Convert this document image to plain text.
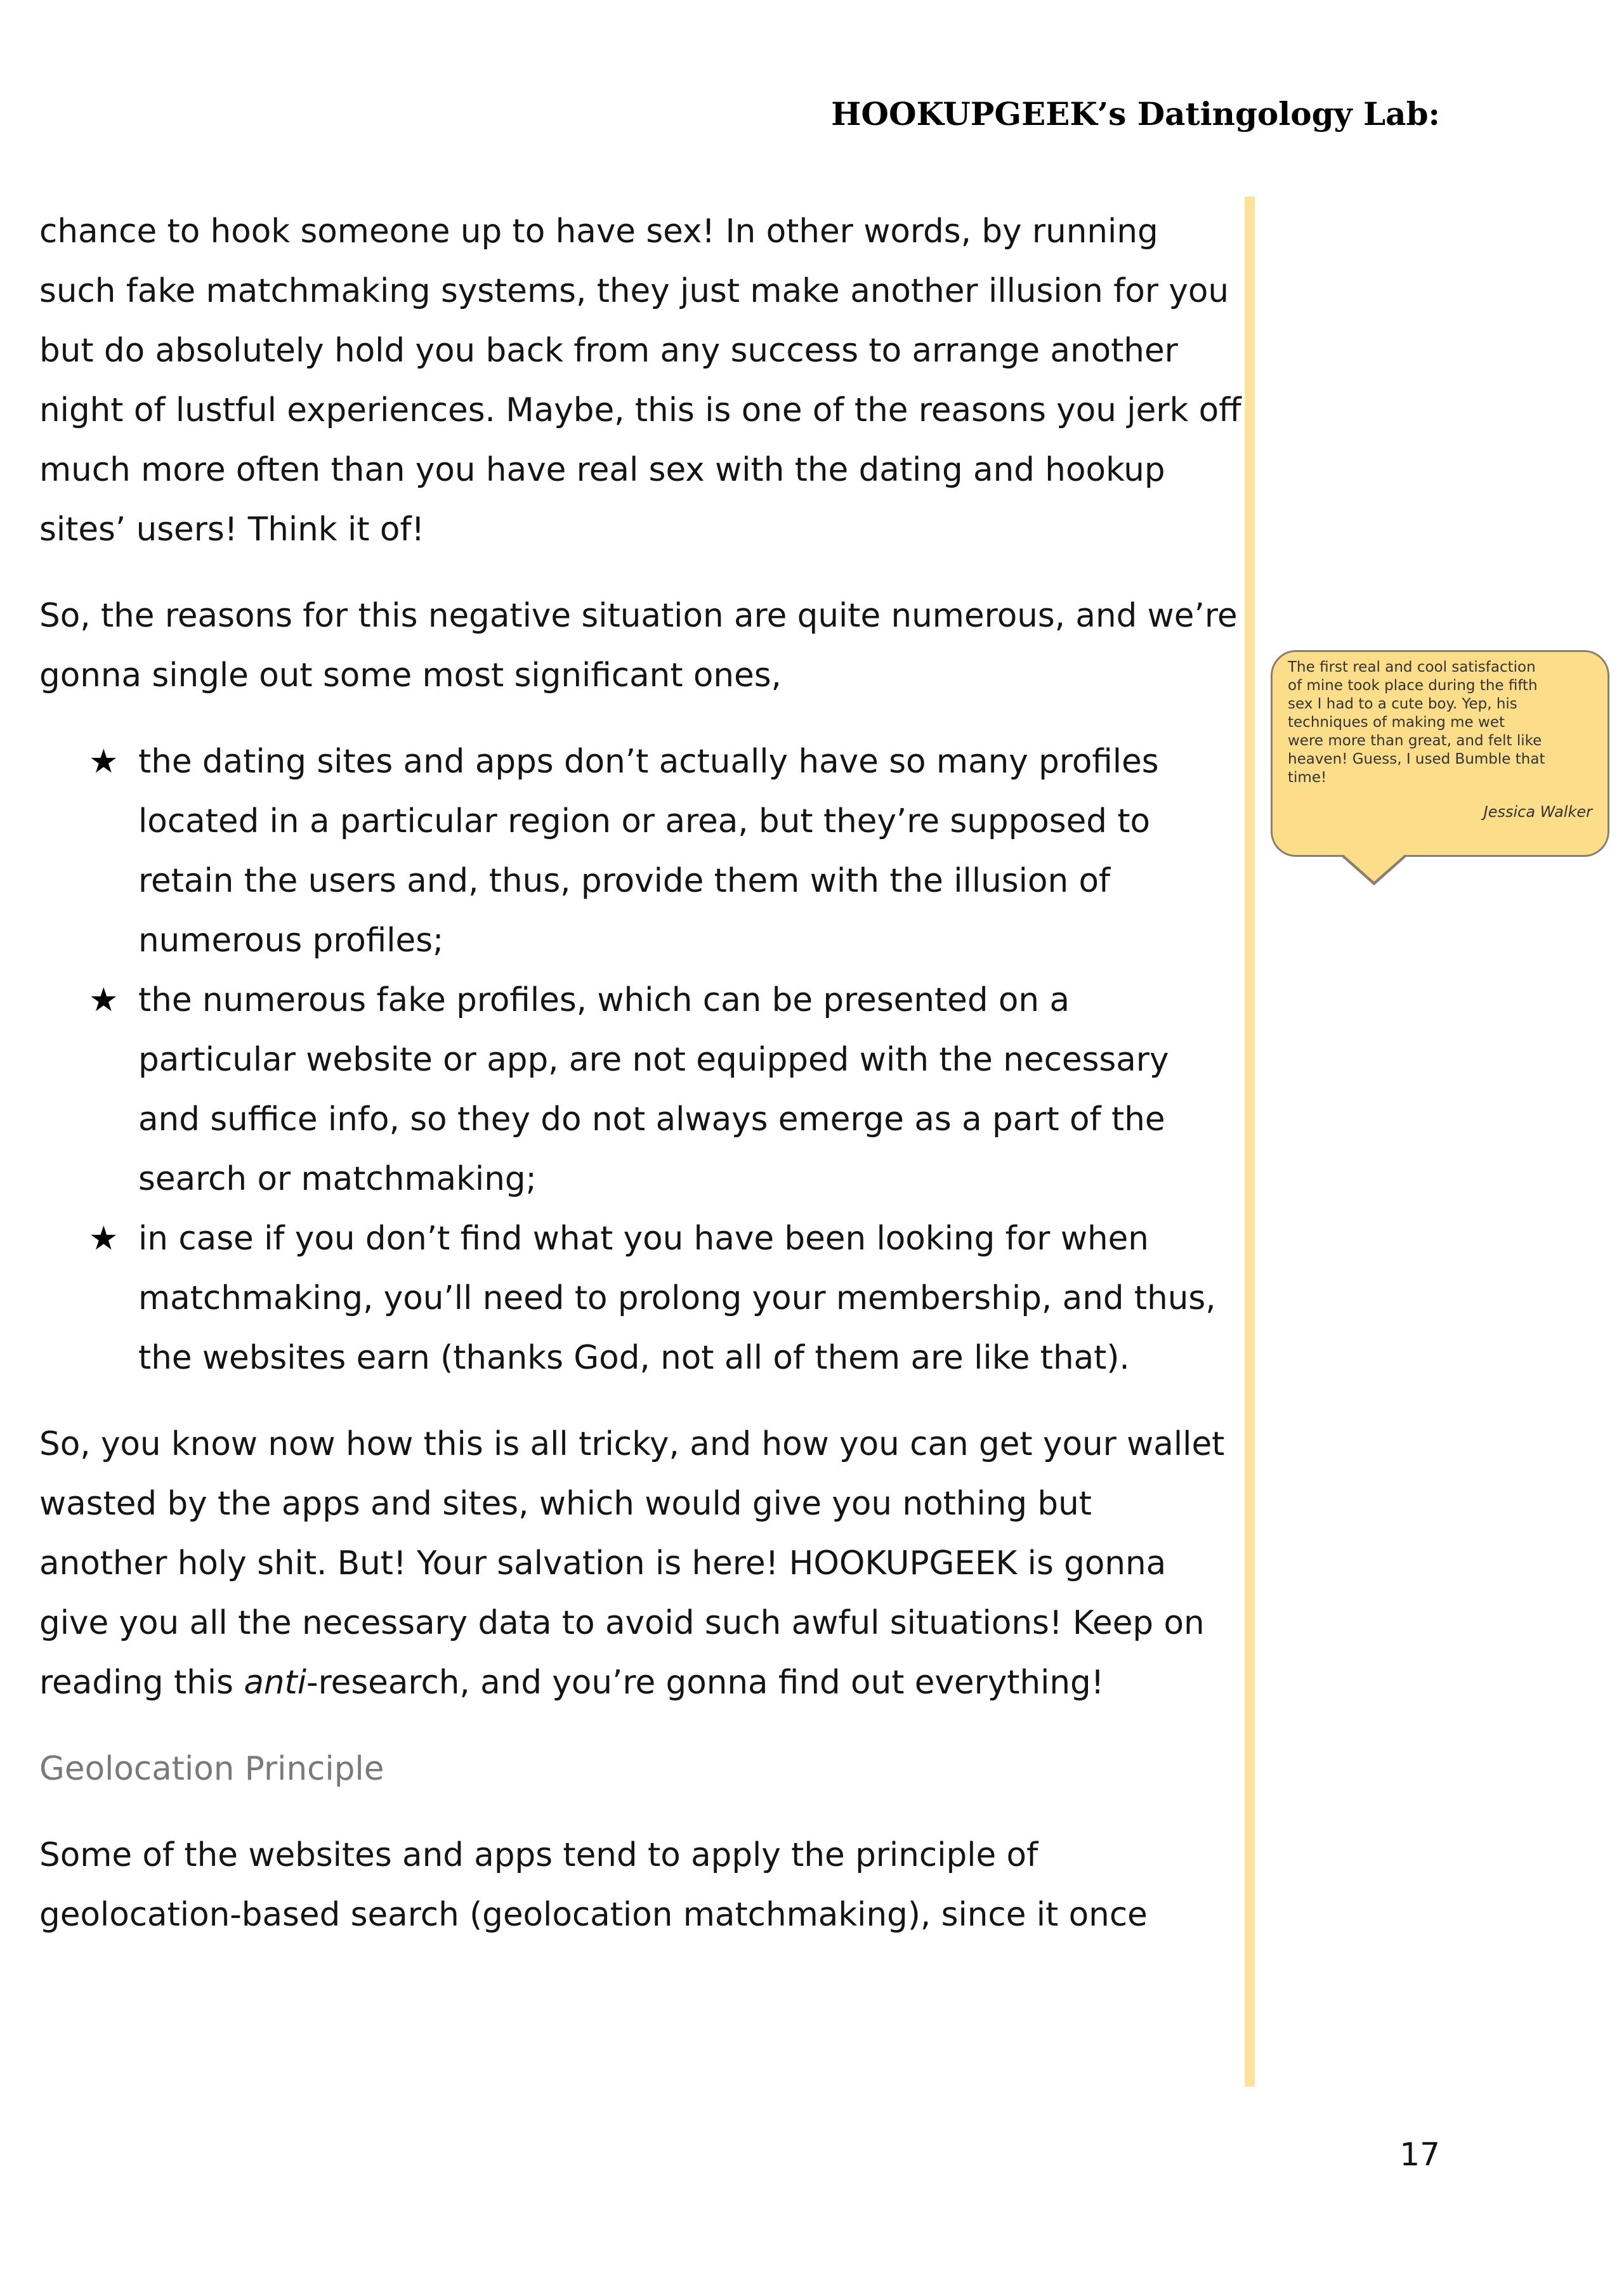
HOOKUPGEEK’s Datingology Lab:
chance to hook someone up to have sex! In other words, by running
such fake matchmaking systems, they just make another illusion for you
but do absolutely hold you back from any success to arrange another
night of lustful experiences. Maybe, this is one of the reasons you jerk off
much more often than you have real sex with the dating and hookup
sites’ users! Think it of!
So, the reasons for this negative situation are quite numerous, and we’re
gonna single out some most significant ones,
★ the dating sites and apps don’t actually have so many profiles
located in a particular region or area, but they’re supposed to
retain the users and, thus, provide them with the illusion of
numerous profiles;
★ the numerous fake profiles, which can be presented on a
particular website or app, are not equipped with the necessary
and suffice info, so they do not always emerge as a part of the
search or matchmaking;
★ in case if you don’t find what you have been looking for when
matchmaking, you’ll need to prolong your membership, and thus,
the websites earn (thanks God, not all of them are like that).
So, you know now how this is all tricky, and how you can get your wallet
wasted by the apps and sites, which would give you nothing but
another holy shit. But! Your salvation is here! HOOKUPGEEK is gonna
give you all the necessary data to avoid such awful situations! Keep on
reading this anti-research, and you’re gonna find out everything!
Geolocation Principle
Some of the websites and apps tend to apply the principle of
geolocation-based search (geolocation matchmaking), since it once
The first real and cool satisfaction
of mine took place during the fifth
sex I had to a cute boy. Yep, his
techniques of making me wet
were more than great, and felt like
heaven! Guess, I used Bumble that
time!
Jessica Walker
17
